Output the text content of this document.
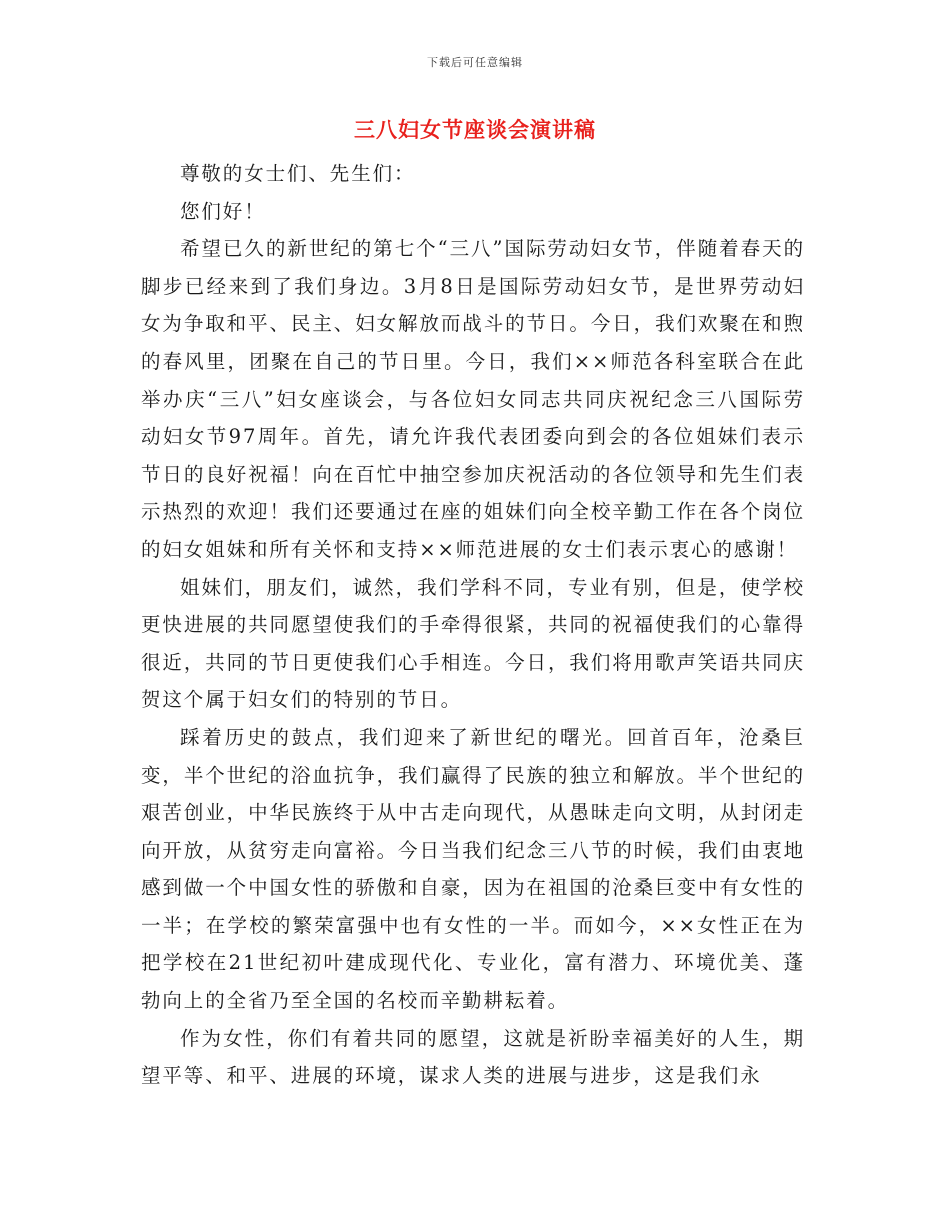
下载后可任意编辑
三八妇女节座谈会演讲稿

尊敬的女士们、先生们：

您们好！

希望已久的新世纪的第七个“三八”国际劳动妇女节，伴随着春天的脚步已经来到了我们身边。3月8日是国际劳动妇女节，是世界劳动妇女为争取和平、民主、妇女解放而战斗的节日。今日，我们欢聚在和煦的春风里，团聚在自己的节日里。今日，我们××师范各科室联合在此举办庆“三八”妇女座谈会，与各位妇女同志共同庆祝纪念三八国际劳动妇女节97周年。首先，请允许我代表团委向到会的各位姐妹们表示节日的良好祝福！向在百忙中抽空参加庆祝活动的各位领导和先生们表示热烈的欢迎！我们还要通过在座的姐妹们向全校辛勤工作在各个岗位的妇女姐妹和所有关怀和支持××师范进展的女士们表示衷心的感谢！

姐妹们，朋友们，诚然，我们学科不同，专业有别，但是，使学校更快进展的共同愿望使我们的手牵得很紧，共同的祝福使我们的心靠得很近，共同的节日更使我们心手相连。今日，我们将用歌声笑语共同庆贺这个属于妇女们的特别的节日。

踩着历史的鼓点，我们迎来了新世纪的曙光。回首百年，沧桑巨变，半个世纪的浴血抗争，我们赢得了民族的独立和解放。半个世纪的艰苦创业，中华民族终于从中古走向现代，从愚昧走向文明，从封闭走向开放，从贫穷走向富裕。今日当我们纪念三八节的时候，我们由衷地感到做一个中国女性的骄傲和自豪，因为在祖国的沧桑巨变中有女性的一半；在学校的繁荣富强中也有女性的一半。而如今，××女性正在为把学校在21世纪初叶建成现代化、专业化，富有潜力、环境优美、蓬勃向上的全省乃至全国的名校而辛勤耕耘着。

作为女性，你们有着共同的愿望，这就是祈盼幸福美好的人生，期望平等、和平、进展的环境，谋求人类的进展与进步，这是我们永
